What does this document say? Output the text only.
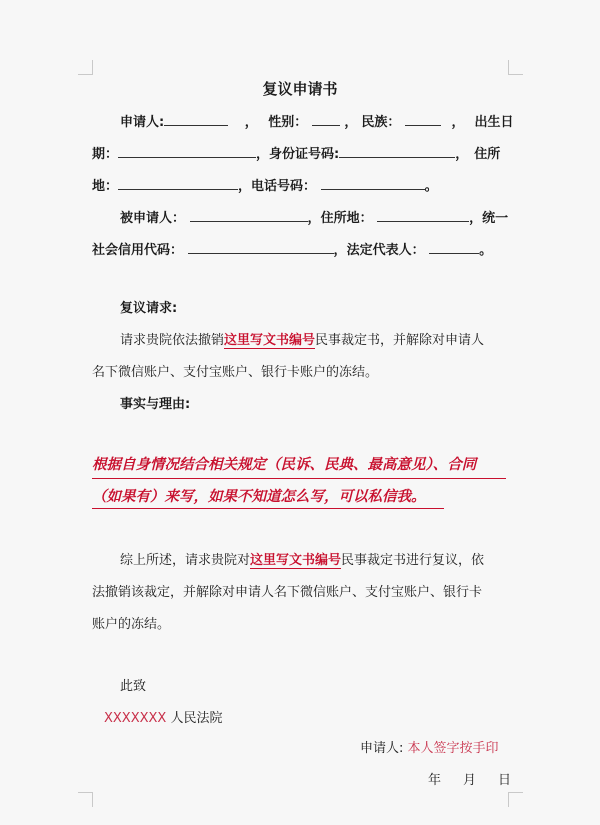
复议申请书
申请人:	， 性别：	， 民族：	， 出生日
期：	，身份证号码:	， 住所
地：	，电话号码：	。
被申请人：	，住所地：	，统一
社会信用代码：	，法定代表人：	。
复议请求:
请求贵院依法撤销这里写文书编号民事裁定书，并解除对申请人
名下微信账户、支付宝账户、银行卡账户的冻结。
事实与理由:
根据自身情况结合相关规定（民诉、民典、最高意见）、合同
（如果有）来写，如果不知道怎么写，可以私信我。
综上所述，请求贵院对这里写文书编号民事裁定书进行复议，依
法撤销该裁定，并解除对申请人名下微信账户、支付宝账户、银行卡
账户的冻结。
此致
XXXXXXX 人民法院
申请人: 本人签字按手印
年 月 日
